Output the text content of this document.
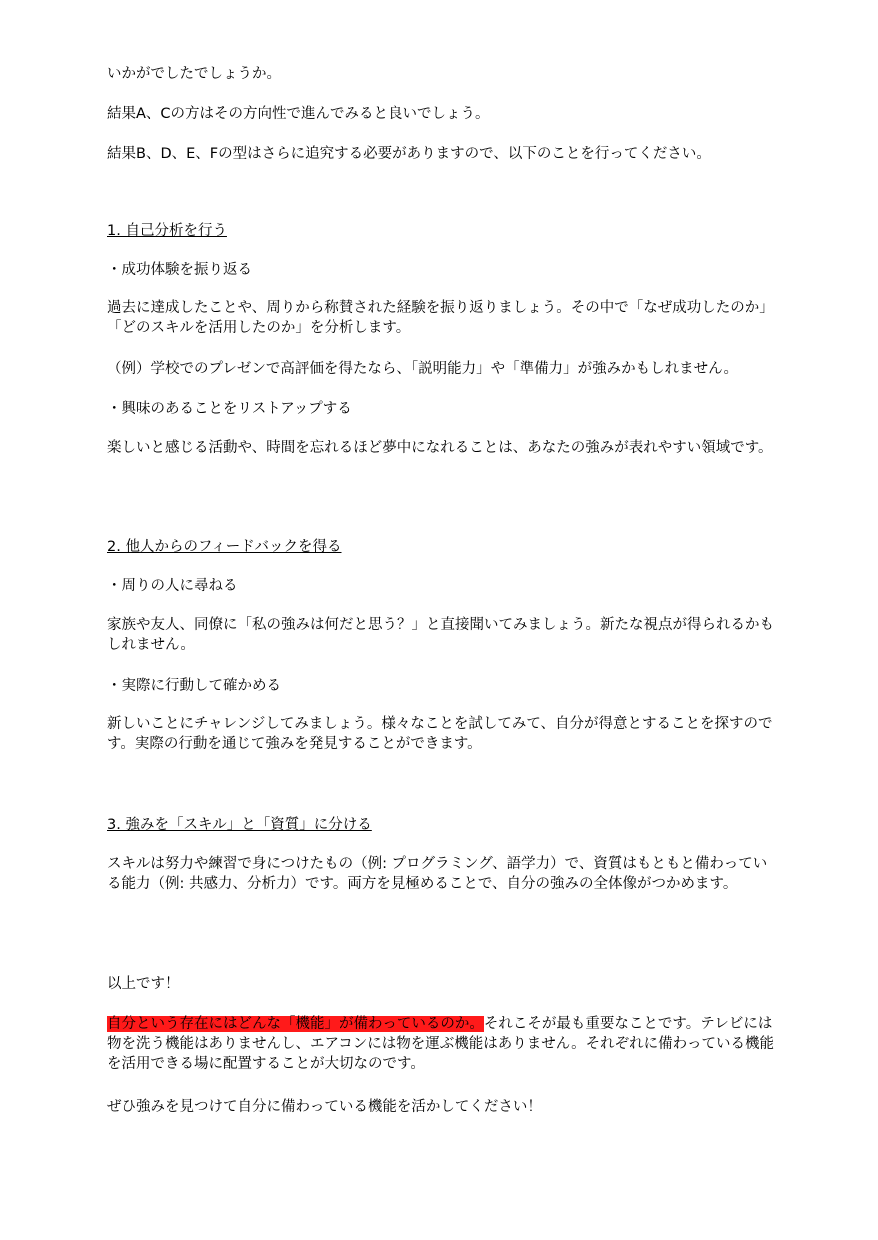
いかがでしたでしょうか。

結果A、Cの方はその方向性で進んでみると良いでしょう。

結果B、D、E、Fの型はさらに追究する必要がありますので、以下のことを行ってください。

1. 自己分析を行う

・成功体験を振り返る

過去に達成したことや、周りから称賛された経験を振り返りましょう。その中で「なぜ成功したのか」「どのスキルを活用したのか」を分析します。

（例）学校でのプレゼンで高評価を得たなら、「説明能力」や「準備力」が強みかもしれません。

・興味のあることをリストアップする

楽しいと感じる活動や、時間を忘れるほど夢中になれることは、あなたの強みが表れやすい領域です。

2. 他人からのフィードバックを得る

・周りの人に尋ねる

家族や友人、同僚に「私の強みは何だと思う？」と直接聞いてみましょう。新たな視点が得られるかもしれません。

・実際に行動して確かめる

新しいことにチャレンジしてみましょう。様々なことを試してみて、自分が得意とすることを探すのです。実際の行動を通じて強みを発見することができます。

3. 強みを「スキル」と「資質」に分ける

スキルは努力や練習で身につけたもの（例: プログラミング、語学力）で、資質はもともと備わっている能力（例: 共感力、分析力）です。両方を見極めることで、自分の強みの全体像がつかめます。

以上です！

自分という存在にはどんな「機能」が備わっているのか。それこそが最も重要なことです。テレビには物を洗う機能はありませんし、エアコンには物を運ぶ機能はありません。それぞれに備わっている機能を活用できる場に配置することが大切なのです。

ぜひ強みを見つけて自分に備わっている機能を活かしてください！
